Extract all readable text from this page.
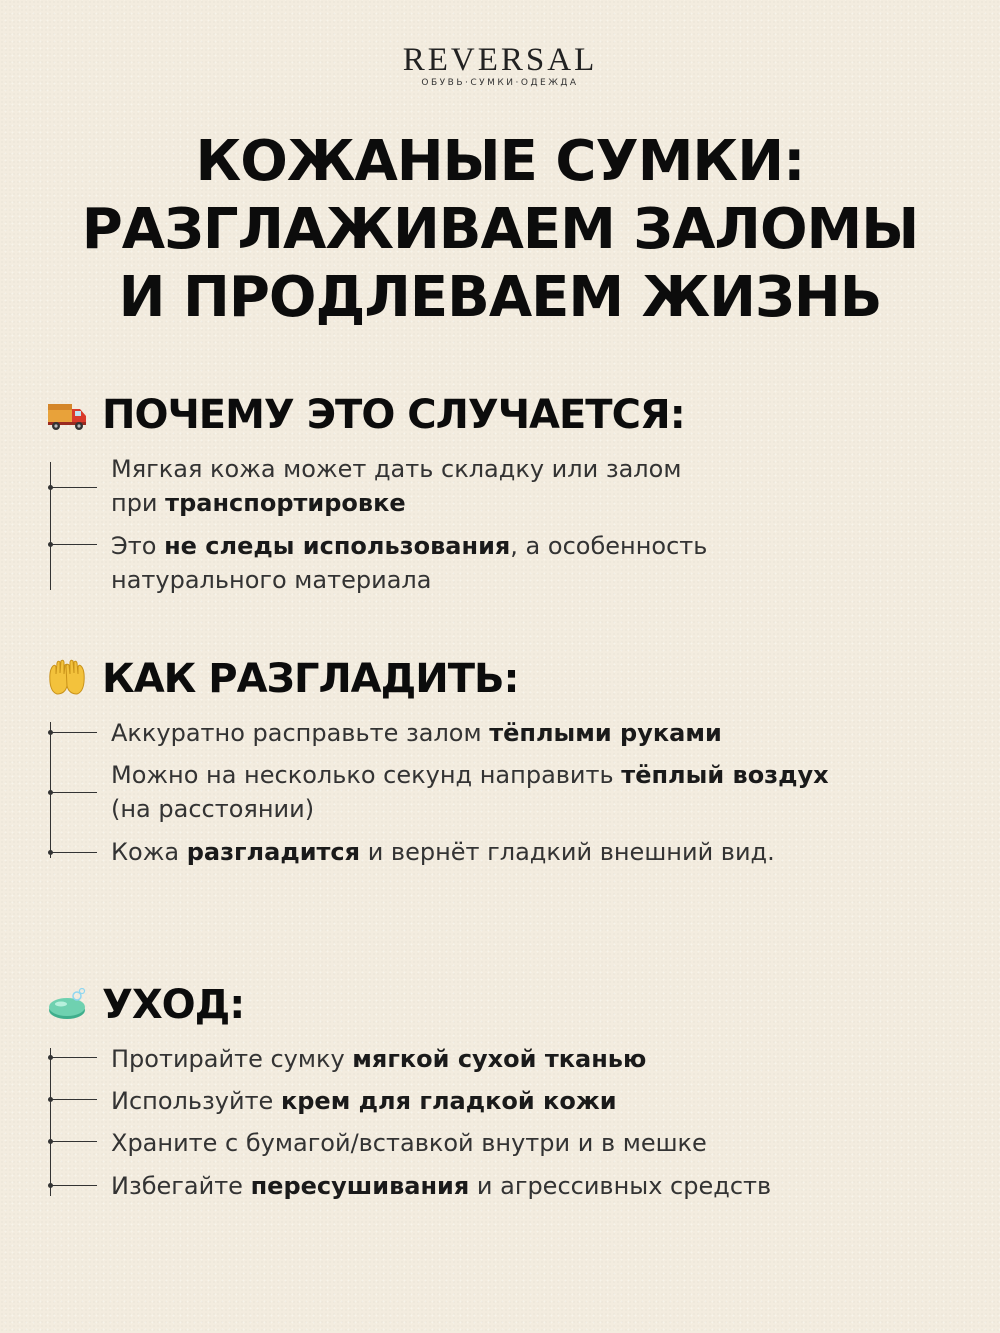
REVERSAL
ОБУВЬ·СУМКИ·ОДЕЖДА
КОЖАНЫЕ СУМКИ:
РАЗГЛАЖИВАЕМ ЗАЛОМЫ
И ПРОДЛЕВАЕМ ЖИЗНЬ
ПОЧЕМУ ЭТО СЛУЧАЕТСЯ:
Мягкая кожа может дать складку или залом
при транспортировке
Это не следы использования, а особенность
натурального материала
КАК РАЗГЛАДИТЬ:
Аккуратно расправьте залом тёплыми руками
Можно на несколько секунд направить тёплый воздух
(на расстоянии)
Кожа разгладится и вернёт гладкий внешний вид.
УХОД:
Протирайте сумку мягкой сухой тканью
Используйте крем для гладкой кожи
Храните с бумагой/вставкой внутри и в мешке
Избегайте пересушивания и агрессивных средств
